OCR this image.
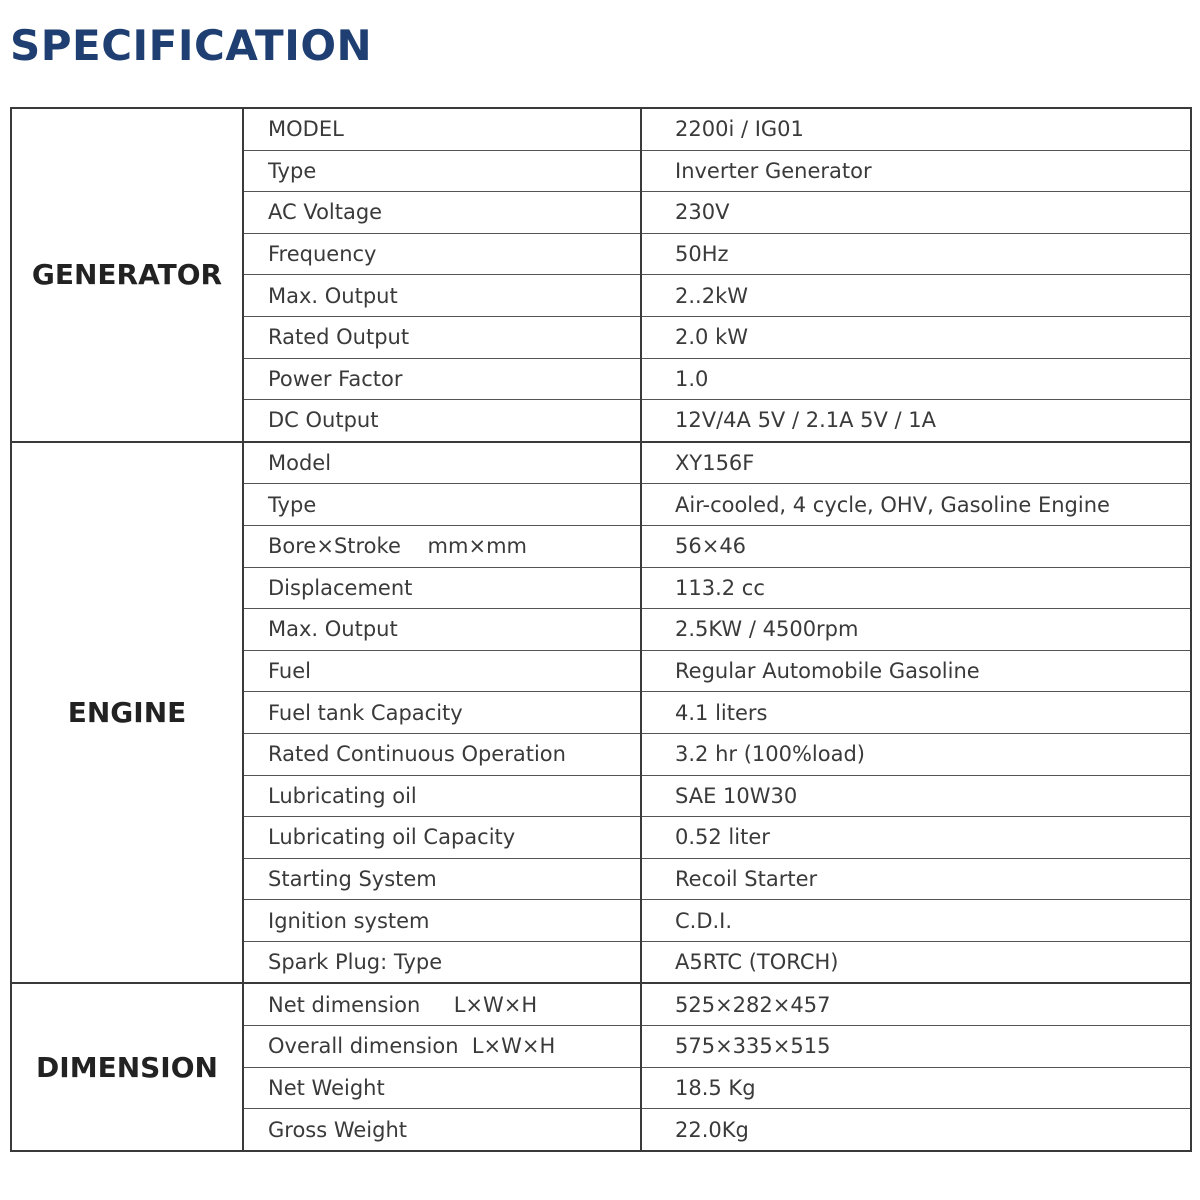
SPECIFICATION
GENERATOR	MODEL	2200i / IG01
	Type	Inverter Generator
	AC Voltage	230V
	Frequency	50Hz
	Max. Output	2..2kW
	Rated Output	2.0 kW
	Power Factor	1.0
	DC Output	12V/4A 5V / 2.1A 5V / 1A
ENGINE	Model	XY156F
	Type	Air-cooled, 4 cycle, OHV, Gasoline Engine
	Bore×Stroke    mm×mm	56×46
	Displacement	113.2 cc
	Max. Output	2.5KW / 4500rpm
	Fuel	Regular Automobile Gasoline
	Fuel tank Capacity	4.1 liters
	Rated Continuous Operation	3.2 hr (100%load)
	Lubricating oil	SAE 10W30
	Lubricating oil Capacity	0.52 liter
	Starting System	Recoil Starter
	Ignition system	C.D.I.
	Spark Plug: Type	A5RTC (TORCH)
DIMENSION	Net dimension     L×W×H	525×282×457
	Overall dimension  L×W×H	575×335×515
	Net Weight	18.5 Kg
	Gross Weight	22.0Kg
